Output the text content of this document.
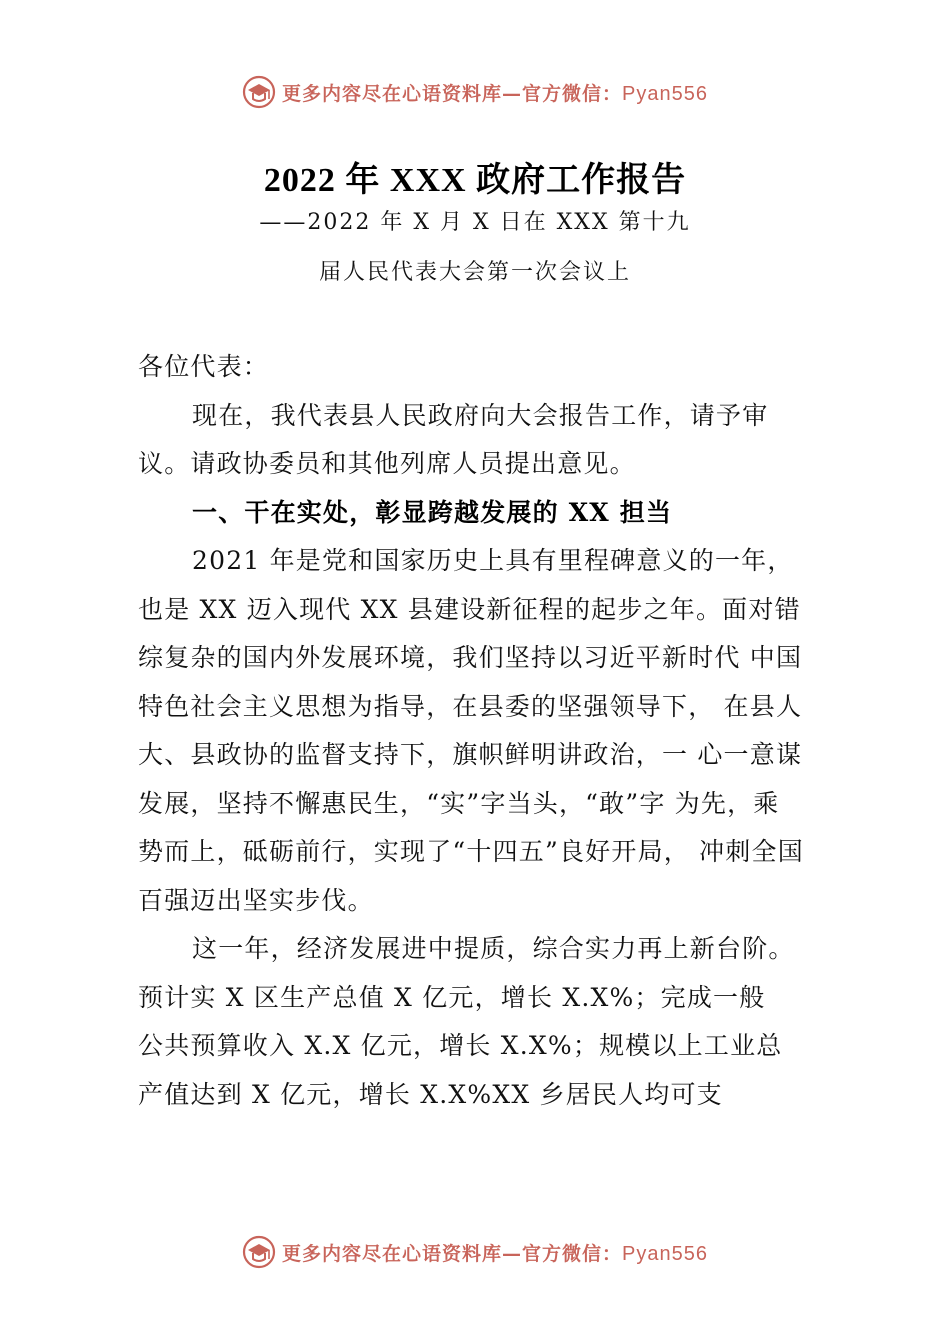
更多内容尽在心语资料库—官方微信：Pyan556
2022 年 XXX 政府工作报告
——2022 年 X 月 X 日在 XXX 第十九
届人民代表大会第一次会议上

各位代表：

现在，我代表县人民政府向大会报告工作，请予审

议。请政协委员和其他列席人员提出意见。

一、干在实处，彰显跨越发展的 XX 担当

2021 年是党和国家历史上具有里程碑意义的一年，

也是 XX 迈入现代 XX 县建设新征程的起步之年。面对错

综复杂的国内外发展环境，我们坚持以习近平新时代 中国

特色社会主义思想为指导，在县委的坚强领导下， 在县人

大、县政协的监督支持下，旗帜鲜明讲政治，一 心一意谋

发展，坚持不懈惠民生，“实”字当头，“敢”字 为先，乘

势而上，砥砺前行，实现了“十四五”良好开局， 冲刺全国

百强迈出坚实步伐。

这一年，经济发展进中提质，综合实力再上新台阶。

预计实 X 区生产总值 X 亿元，增长 X.X%；完成一般

公共预算收入 X.X 亿元，增长 X.X%；规模以上工业总

产值达到 X 亿元，增长 X.X%XX 乡居民人均可支

更多内容尽在心语资料库—官方微信：Pyan556
